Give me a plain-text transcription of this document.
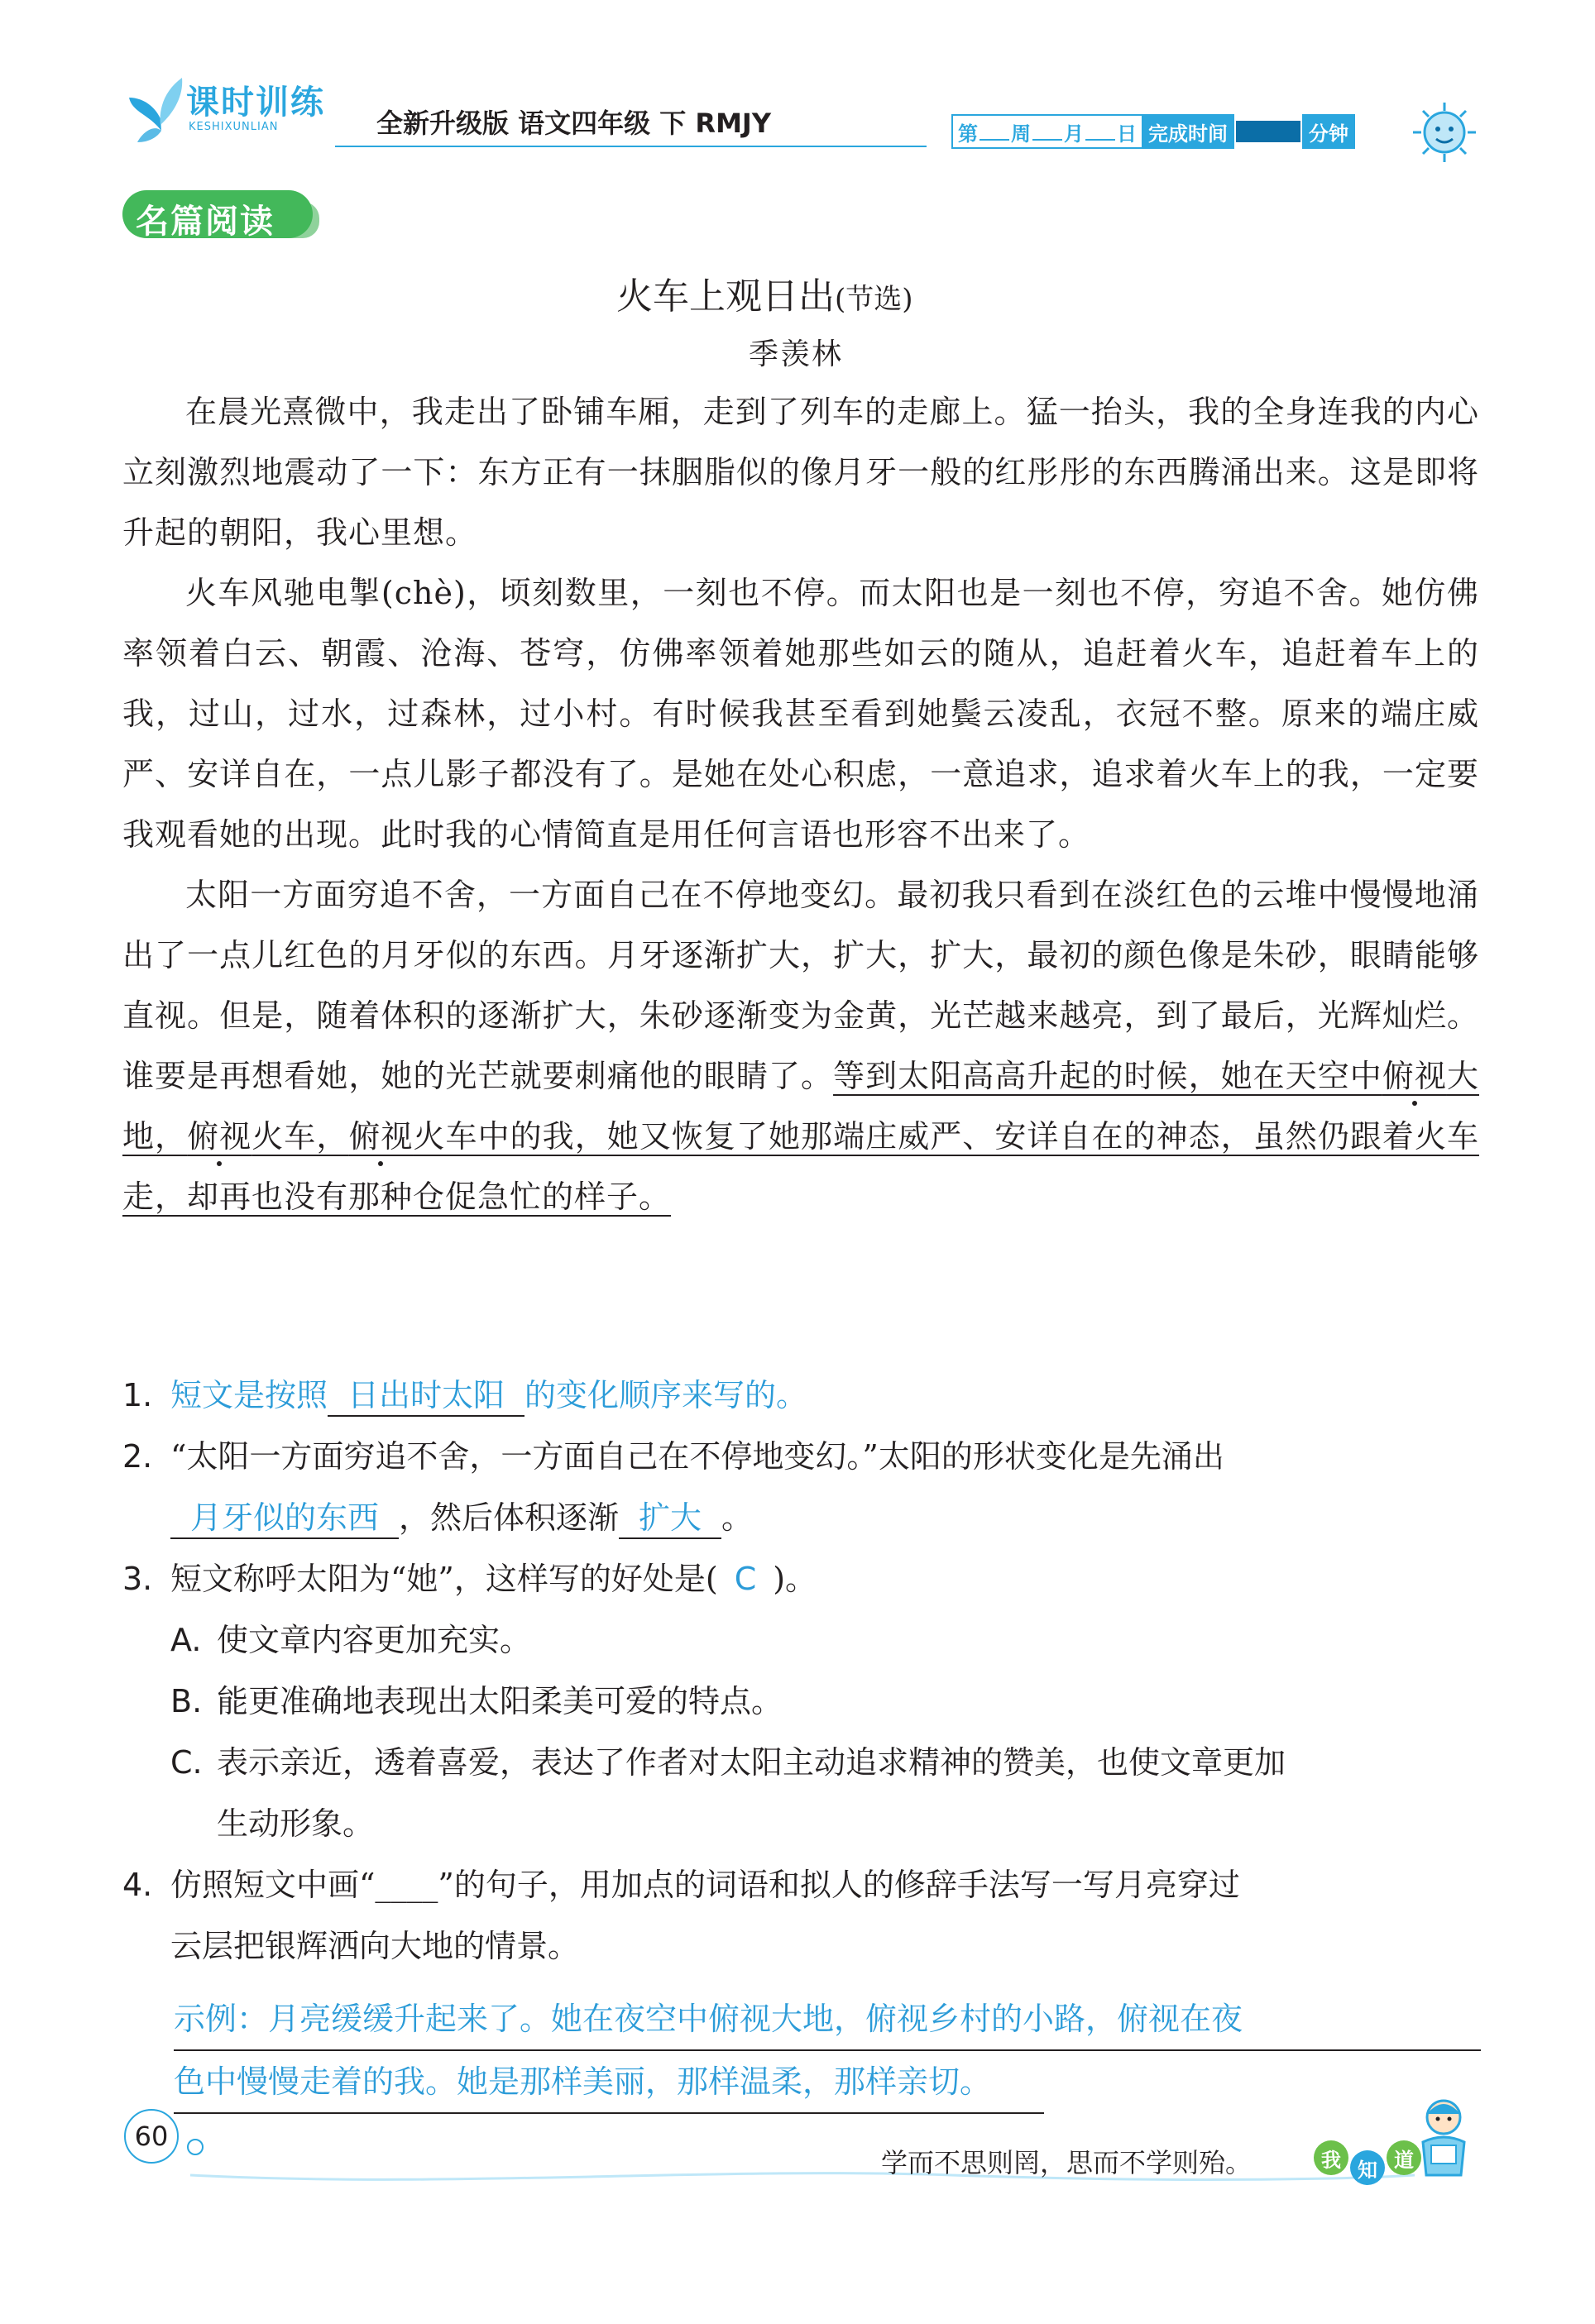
课时训练
KESHIXUNLIAN	全新升级版 语文四年级 下 RMJY	第 周 月 日 完成时间	分钟
名篇阅读
火车上观日出(节选)
季羡林

在晨光熹微中，我走出了卧铺车厢，走到了列车的走廊上。猛一抬头，我的全身连我的内心立刻激烈地震动了一下：东方正有一抹胭脂似的像月牙一般的红彤彤的东西腾涌出来。这是即将升起的朝阳，我心里想。

火车风驰电掣(chè)，顷刻数里，一刻也不停。而太阳也是一刻也不停，穷追不舍。她仿佛率领着白云、朝霞、沧海、苍穹，仿佛率领着她那些如云的随从，追赶着火车，追赶着车上的我，过山，过水，过森林，过小村。有时候我甚至看到她鬓云凌乱，衣冠不整。原来的端庄威严、安详自在，一点儿影子都没有了。是她在处心积虑，一意追求，追求着火车上的我，一定要我观看她的出现。此时我的心情简直是用任何言语也形容不出来了。

太阳一方面穷追不舍，一方面自己在不停地变幻。最初我只看到在淡红色的云堆中慢慢地涌出了一点儿红色的月牙似的东西。月牙逐渐扩大，扩大，扩大，最初的颜色像是朱砂，眼睛能够直视。但是，随着体积的逐渐扩大，朱砂逐渐变为金黄，光芒越来越亮，到了最后，光辉灿烂。谁要是再想看她，她的光芒就要刺痛他的眼睛了。等到太阳高高升起的时候，她在天空中俯视大地，俯视火车，俯视火车中的我，她又恢复了她那端庄威严、安详自在的神态，虽然仍跟着火车走，却再也没有那种仓促急忙的样子。

1. 短文是按照 日出时太阳 的变化顺序来写的。

2. “太阳一方面穷追不舍，一方面自己在不停地变幻。”太阳的形状变化是先涌出

月牙似的东西 ，然后体积逐渐 扩大 。

3. 短文称呼太阳为“她”，这样写的好处是( C )。

A. 使文章内容更加充实。

B. 能更准确地表现出太阳柔美可爱的特点。

C. 表示亲近，透着喜爱，表达了作者对太阳主动追求精神的赞美，也使文章更加

生动形象。

4. 仿照短文中画“____”的句子，用加点的词语和拟人的修辞手法写一写月亮穿过

云层把银辉洒向大地的情景。

示例：月亮缓缓升起来了。她在夜空中俯视大地，俯视乡村的小路，俯视在夜
色中慢慢走着的我。她是那样美丽，那样温柔，那样亲切。
60
学而不思则罔，思而不学则殆。	我 知 道
